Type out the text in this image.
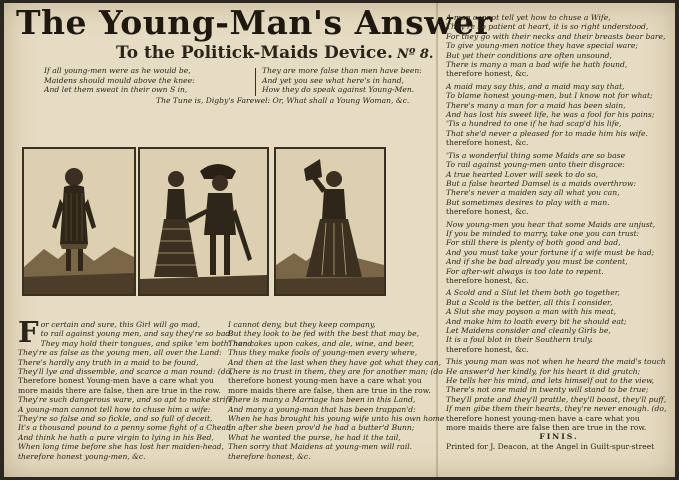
The Young-Man's Answer
To the Politick-Maids Device. Nº 8.
If all young-men were as he would be,
Maidens should mould above the knee:
And let them sweat in their own S in,
They are more false than men have been:
And yet you see what here's in hand,
How they do speak against Young-Men.
The Tune is, Digby's Farewel: Or, What shall a Young Woman, &c.
F or certain and sure, this Girl will go mad,
to rail against young men, and say they're so bad:
They may hold their tongues, and spike 'em both' hand
They're as false as the young men, all over the Land:
There's hardly any truth in a maid to be found,
They'll lye and dissemble, and scarce a man round: (do,
Therefore honest Young-men have a care what you
more maids there are false, then are true in the row.
They're such dangerous ware, and so apt to make strife,
A young-man cannot tell how to chuse him a wife:
They're so false and so fickle, and so full of deceit,
It's a thousand pound to a penny some fight of a Cheat;
And think he hath a pure virgin to lying in his Bed,
When long time before she has lost her maiden-head,
therefore honest young-men, &c.
I cannot deny, but they keep company,
But they look to be fed with the best that may be,
Then cakes upon cakes, and ale, wine, and beer,
Thus they make fools of young-men every where,
And then at the last when they have got what they can,
There is no trust in them, they are for another man; (do
therefore honest young-men have a care what you
more maids there are false, then are true in the row.
There is many a Marriage has been in this Land,
And many a young-man that has been trappan'd:
When he has brought his young wife unto his own home
In after she been prov'd he had a butter'd Bunn;
What he wanted the purse, he had it the tail,
Then sorry that Maidens at young-men will rail.
therefore honest, &c.
A man cannot tell yet how to chuse a Wife,
They're so patient at heart, it is so right understood,
For they go with their necks and their breasts bear bare,
To give young-men notice they have special ware;
But yet their conditions are often unsound,
There is many a man a bad wife he hath found,
therefore honest, &c.
A maid may say this, and a maid may say that,
To blame honest young-men, but I know not for what;
There's many a man for a maid has been slain,
And has lost his sweet life, he was a fool for his pains;
'Tis a hundred to one if he had scap'd his life,
That she'd never a pleased for to made him his wife.
therefore honest, &c.
'Tis a wonderful thing some Maids are so base
To rail against young-men unto their disgrace:
A true hearted Lover will seek to do so,
But a false hearted Damsel is a maids overthrow:
There's never a maiden say all what you can,
But sometimes desires to play with a man.
therefore honest, &c.
Now young-men you hear that some Maids are unjust,
If you be minded to marry, take one you can trust:
For still there is plenty of both good and bad,
And you must take your fortune if a wife must be had;
And if she be bad already you must be content,
For after-wit always is too late to repent.
therefore honest, &c.
A Scold and a Slut let them both go together,
But a Scold is the better, all this I consider,
A Slut she may poyson a man with his meat,
And make him to loath every bit he should eat;
Let Maidens consider and cleanly Girls be,
It is a foul blot in their Southern truly.
therefore honest, &c.
This young man was not when he heard the maid's touch
He answer'd her kindly, for his heart it did grutch;
He tells her his mind, and lets himself out to the view,
There's not one maid in twenty will stand to be true;
They'll prate and they'll prattle, they'll boast, they'll puff,
If men gibe them their hearts, they're never enough. (do,
therefore honest young-men have a care what you
more maids there are false then are true in the row.
FINIS.
Printed for J. Deacon, at the Angel in Guilt-spur-street
